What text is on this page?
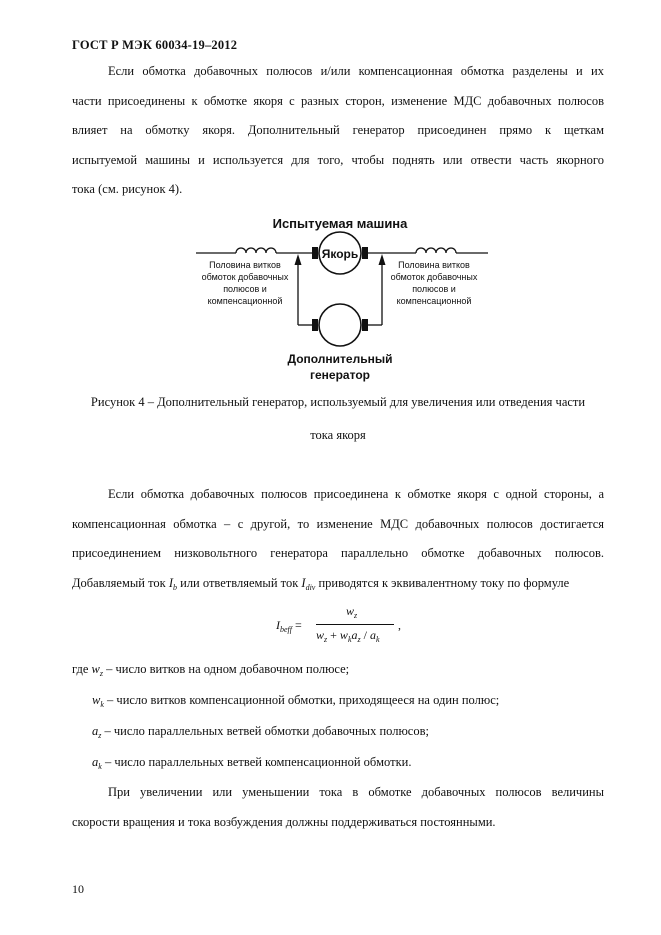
ГОСТ Р МЭК 60034-19–2012
Если обмотка добавочных полюсов и/или компенсационная обмотка разделены и их
части присоединены к обмотке якоря с разных сторон, изменение МДС добавочных полюсов
влияет на обмотку якоря. Дополнительный генератор присоединен прямо к щеткам
испытуемой машины и используется для того, чтобы поднять или отвести часть якорного
тока (см. рисунок 4).
Испытуемая машина
Якорь
Половина витков
обмоток добавочных
полюсов и
компенсационной
Половина витков
обмоток добавочных
полюсов и
компенсационной
Дополнительный
генератор
Рисунок 4 – Дополнительный генератор, используемый для увеличения или отведения части
тока якоря
Если обмотка добавочных полюсов присоединена к обмотке якоря с одной стороны, а
компенсационная обмотка – с другой, то изменение МДС добавочных полюсов достигается
присоединением низковольтного генератора параллельно обмотке добавочных полюсов.
Добавляемый ток $I_b$ или ответвляемый ток $I_{div}$ приводятся к эквивалентному току по формуле
$I_{beff}$ =
$w_z$
$w_z + w_ka_z / a_k$
,
где $w_z$ – число витков на одном добавочном полюсе;
$w_k$ – число витков компенсационной обмотки, приходящееся на один полюс;
$a_z$ – число параллельных ветвей обмотки добавочных полюсов;
$a_k$ – число параллельных ветвей компенсационной обмотки.
При увеличении или уменьшении тока в обмотке добавочных полюсов величины
скорости вращения и тока возбуждения должны поддерживаться постоянными.
10
